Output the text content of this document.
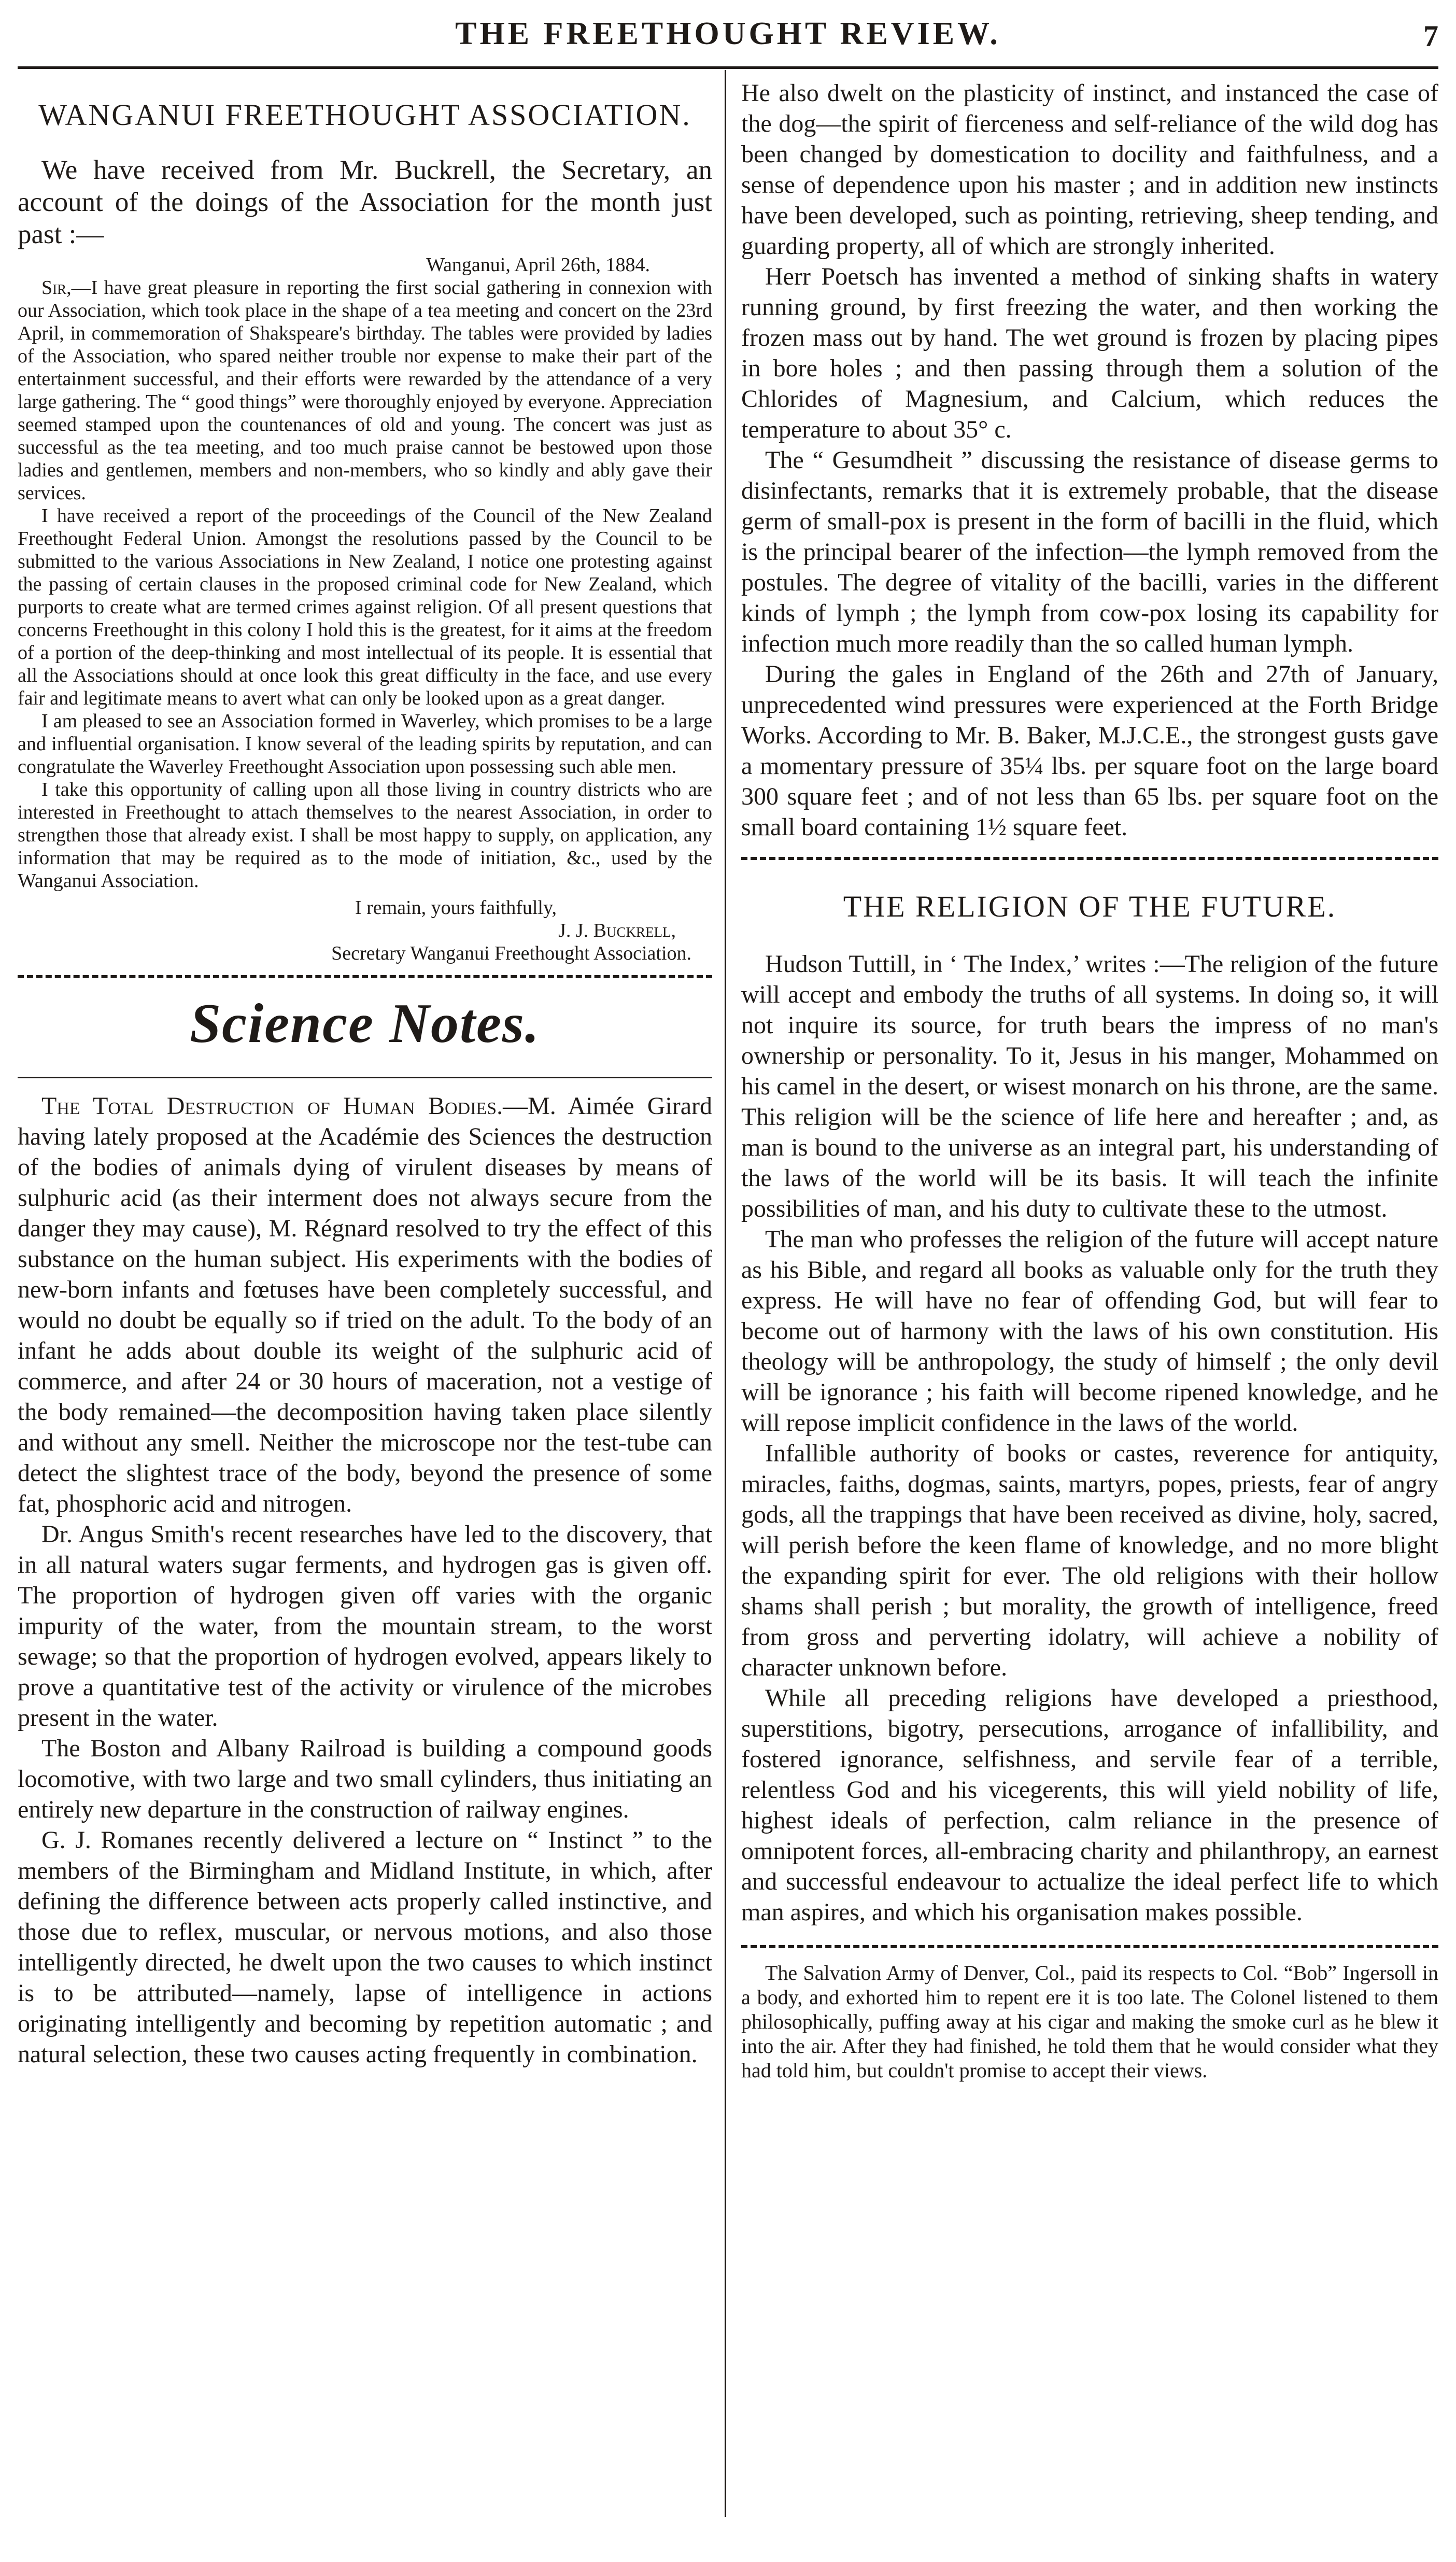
THE FREETHOUGHT REVIEW.	7
WANGANUI FREETHOUGHT ASSOCIATION.

We have received from Mr. Buckrell, the Secretary, an account of the doings of the Association for the month just past :—

Wanganui, April 26th, 1884.

Sir,—I have great pleasure in reporting the first social gathering in connexion with our Association, which took place in the shape of a tea meeting and concert on the 23rd April, in commemoration of Shakspeare's birthday. The tables were provided by ladies of the Association, who spared neither trouble nor expense to make their part of the entertainment successful, and their efforts were rewarded by the attendance of a very large gathering. The “ good things” were thoroughly enjoyed by everyone. Appreciation seemed stamped upon the countenances of old and young. The concert was just as successful as the tea meeting, and too much praise cannot be bestowed upon those ladies and gentlemen, members and non-members, who so kindly and ably gave their services.

I have received a report of the proceedings of the Council of the New Zealand Freethought Federal Union. Amongst the resolutions passed by the Council to be submitted to the various Associations in New Zealand, I notice one protesting against the passing of certain clauses in the proposed criminal code for New Zealand, which purports to create what are termed crimes against religion. Of all present questions that concerns Freethought in this colony I hold this is the greatest, for it aims at the freedom of a portion of the deep-thinking and most intellectual of its people. It is essential that all the Associations should at once look this great difficulty in the face, and use every fair and legitimate means to avert what can only be looked upon as a great danger.

I am pleased to see an Association formed in Waverley, which promises to be a large and influential organisation. I know several of the leading spirits by reputation, and can congratulate the Waverley Freethought Association upon possessing such able men.

I take this opportunity of calling upon all those living in country districts who are interested in Freethought to attach themselves to the nearest Association, in order to strengthen those that already exist. I shall be most happy to supply, on application, any information that may be required as to the mode of initiation, &c., used by the Wanganui Association.

I remain, yours faithfully,

J. J. Buckrell,

Secretary Wanganui Freethought Association.

Science Notes.

The Total Destruction of Human Bodies.—M. Aimée Girard having lately proposed at the Académie des Sciences the destruction of the bodies of animals dying of virulent diseases by means of sulphuric acid (as their interment does not always secure from the danger they may cause), M. Régnard resolved to try the effect of this substance on the human subject. His experiments with the bodies of new-born infants and fœtuses have been completely successful, and would no doubt be equally so if tried on the adult. To the body of an infant he adds about double its weight of the sulphuric acid of commerce, and after 24 or 30 hours of maceration, not a vestige of the body remained—the decomposition having taken place silently and without any smell. Neither the microscope nor the test-tube can detect the slightest trace of the body, beyond the presence of some fat, phosphoric acid and nitrogen.

Dr. Angus Smith's recent researches have led to the discovery, that in all natural waters sugar ferments, and hydrogen gas is given off. The proportion of hydrogen given off varies with the organic impurity of the water, from the mountain stream, to the worst sewage; so that the proportion of hydrogen evolved, appears likely to prove a quantitative test of the activity or virulence of the microbes present in the water.

The Boston and Albany Railroad is building a compound goods locomotive, with two large and two small cylinders, thus initiating an entirely new departure in the construction of railway engines.

G. J. Romanes recently delivered a lecture on “ Instinct ” to the members of the Birmingham and Midland Institute, in which, after defining the difference between acts properly called instinctive, and those due to reflex, muscular, or nervous motions, and also those intelligently directed, he dwelt upon the two causes to which instinct is to be attributed—namely, lapse of intelligence in actions originating intelligently and becoming by repetition automatic ; and natural selection, these two causes acting frequently in combination.

He also dwelt on the plasticity of instinct, and instanced the case of the dog—the spirit of fierceness and self-reliance of the wild dog has been changed by domestication to docility and faithfulness, and a sense of dependence upon his master ; and in addition new instincts have been developed, such as pointing, retrieving, sheep tending, and guarding property, all of which are strongly inherited.

Herr Poetsch has invented a method of sinking shafts in watery running ground, by first freezing the water, and then working the frozen mass out by hand. The wet ground is frozen by placing pipes in bore holes ; and then passing through them a solution of the Chlorides of Magnesium, and Calcium, which reduces the temperature to about 35° c.

The “ Gesumdheit ” discussing the resistance of disease germs to disinfectants, remarks that it is extremely probable, that the disease germ of small-pox is present in the form of bacilli in the fluid, which is the principal bearer of the infection—the lymph removed from the postules. The degree of vitality of the bacilli, varies in the different kinds of lymph ; the lymph from cow-pox losing its capability for infection much more readily than the so called human lymph.

During the gales in England of the 26th and 27th of January, unprecedented wind pressures were experienced at the Forth Bridge Works. According to Mr. B. Baker, M.J.C.E., the strongest gusts gave a momentary pressure of 35¼ lbs. per square foot on the large board 300 square feet ; and of not less than 65 lbs. per square foot on the small board containing 1½ square feet.

THE RELIGION OF THE FUTURE.

Hudson Tuttill, in ‘ The Index,’ writes :—The religion of the future will accept and embody the truths of all systems. In doing so, it will not inquire its source, for truth bears the impress of no man's ownership or personality. To it, Jesus in his manger, Mohammed on his camel in the desert, or wisest monarch on his throne, are the same. This religion will be the science of life here and hereafter ; and, as man is bound to the universe as an integral part, his understanding of the laws of the world will be its basis. It will teach the infinite possibilities of man, and his duty to cultivate these to the utmost.

The man who professes the religion of the future will accept nature as his Bible, and regard all books as valuable only for the truth they express. He will have no fear of offending God, but will fear to become out of harmony with the laws of his own constitution. His theology will be anthropology, the study of himself ; the only devil will be ignorance ; his faith will become ripened knowledge, and he will repose implicit confidence in the laws of the world.

Infallible authority of books or castes, reverence for antiquity, miracles, faiths, dogmas, saints, martyrs, popes, priests, fear of angry gods, all the trappings that have been received as divine, holy, sacred, will perish before the keen flame of knowledge, and no more blight the expanding spirit for ever. The old religions with their hollow shams shall perish ; but morality, the growth of intelligence, freed from gross and perverting idolatry, will achieve a nobility of character unknown before.

While all preceding religions have developed a priesthood, superstitions, bigotry, persecutions, arrogance of infallibility, and fostered ignorance, selfishness, and servile fear of a terrible, relentless God and his vicegerents, this will yield nobility of life, highest ideals of perfection, calm reliance in the presence of omnipotent forces, all-embracing charity and philanthropy, an earnest and successful endeavour to actualize the ideal perfect life to which man aspires, and which his organisation makes possible.

The Salvation Army of Denver, Col., paid its respects to Col. “Bob” Ingersoll in a body, and exhorted him to repent ere it is too late. The Colonel listened to them philosophically, puffing away at his cigar and making the smoke curl as he blew it into the air. After they had finished, he told them that he would consider what they had told him, but couldn't promise to accept their views.
